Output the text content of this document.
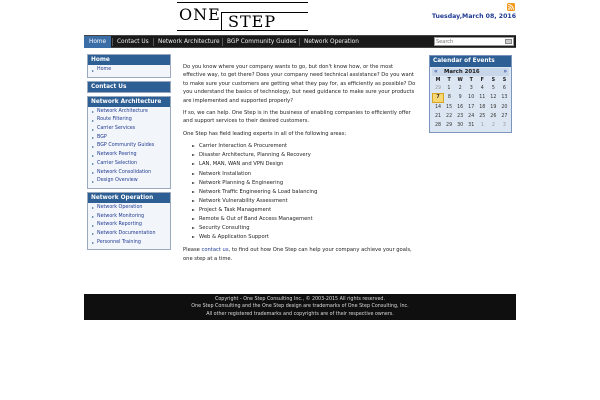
ONE STEP	Tuesday,March 08, 2016
Home	Contact Us	Network Architecture	BGP Community Guides	Network Operation
Search
Home
Home
Contact Us
Network Architecture
Network Architecture
Route Filtering
Carrier Services
BGP
BGP Community Guides
Network Peering
Carrier Selection
Network Consolidation
Design Overview
Network Operation
Network Operation
Network Monitoring
Network Reporting
Network Documentation
Personnel Training

Do you know where your company wants to go, but don't know how, or the most effective way, to get there? Does your company need technical assistance? Do you want to make sure your customers are getting what they pay for, as efficiently as possible? Do you understand the basics of technology, but need guidance to make sure your products are implemented and supported properly?

If so, we can help. One Step is in the business of enabling companies to efficiently offer and support services to their desired customers.

One Step has field leading experts in all of the following areas:

Carrier Interaction & Procurement
Disaster Architecture, Planning & Recovery
LAN, MAN, WAN and VPN Design
Network Installation
Network Planning & Engineering
Network Traffic Engineering & Load balancing
Network Vulnerability Assessment
Project & Task Management
Remote & Out of Band Access Management
Security Consulting
Web & Application Support

Please contact us, to find out how One Step can help your company achieve your goals, one step at a time.

Calendar of Events
« March 2016	»
M	T	W	T	F	S	S
29	1	2	3	4	5	6
7	8	9	10	11	12	13
14	15	16	17	18	19	20
21	22	23	24	25	26	27
28	29	30	31	1	2	3
Copyright - One Step Consulting Inc., © 2003-2015 All rights reserved.
One Step Consulting and the One Step design are trademarks of One Step Consulting, Inc.
All other registered trademarks and copyrights are of their respective owners.
